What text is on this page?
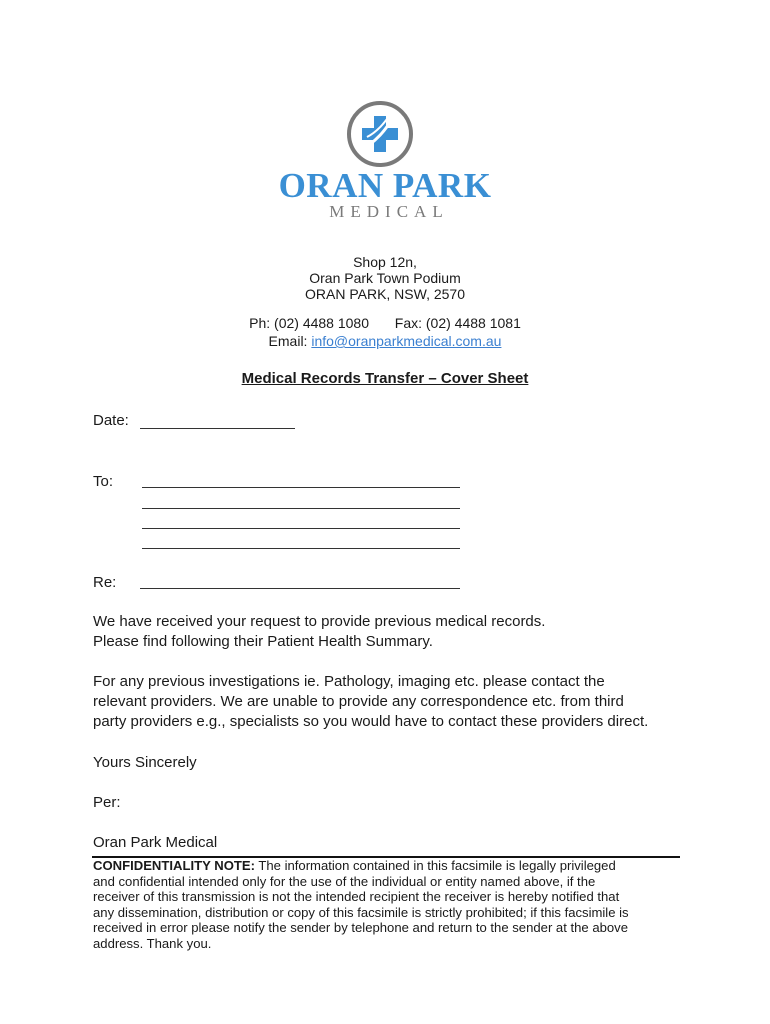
ORAN PARK
MEDICAL
Shop 12n,
Oran Park Town Podium
ORAN PARK, NSW, 2570
Ph: (02) 4488 1080 Fax: (02) 4488 1081
Email: info@oranparkmedical.com.au
Medical Records Transfer – Cover Sheet
Date:
To:
Re:
We have received your request to provide previous medical records.
Please find following their Patient Health Summary.
For any previous investigations ie. Pathology, imaging etc. please contact the
relevant providers. We are unable to provide any correspondence etc. from third
party providers e.g., specialists so you would have to contact these providers direct.
Yours Sincerely
Per:
Oran Park Medical
CONFIDENTIALITY NOTE: The information contained in this facsimile is legally privileged
and confidential intended only for the use of the individual or entity named above, if the
receiver of this transmission is not the intended recipient the receiver is hereby notified that
any dissemination, distribution or copy of this facsimile is strictly prohibited; if this facsimile is
received in error please notify the sender by telephone and return to the sender at the above
address. Thank you.
